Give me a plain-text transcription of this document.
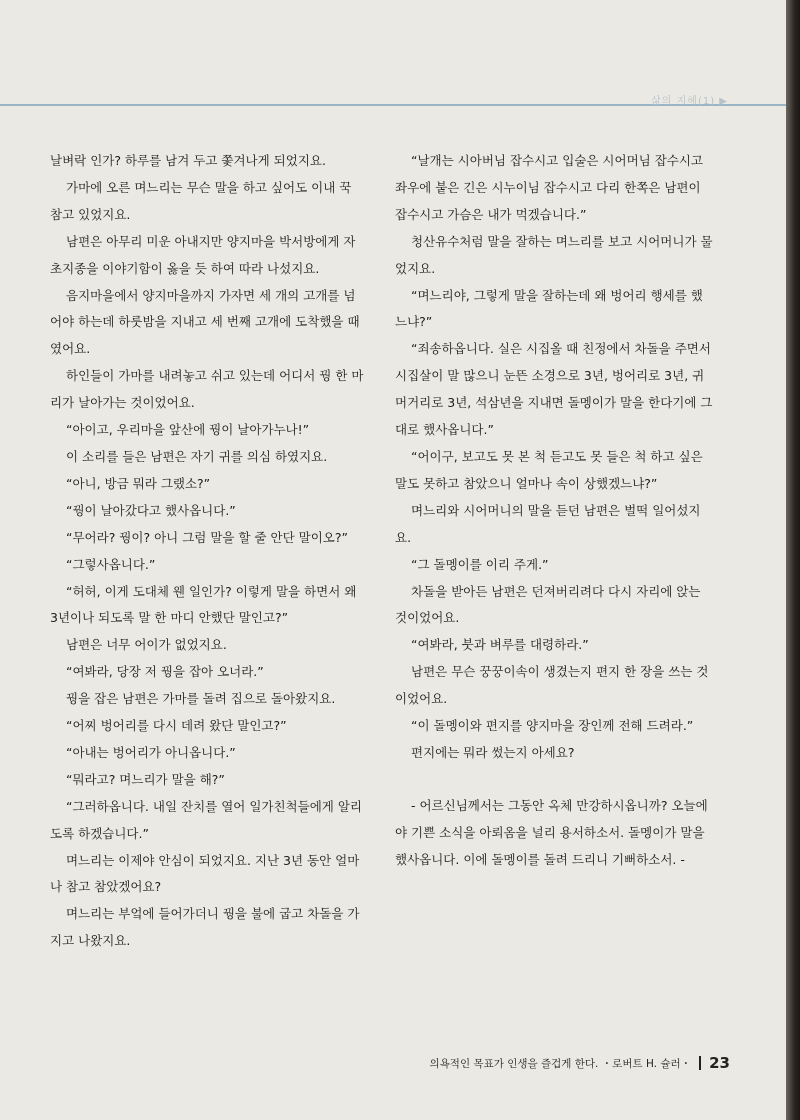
삶의 지혜(1) ▶

날벼락 인가? 하루를 남겨 두고 쫓겨나게 되었지요.

가마에 오른 며느리는 무슨 말을 하고 싶어도 이내 꾹 참고 있었지요.

남편은 아무리 미운 아내지만 양지마을 박서방에게 자초지종을 이야기함이 옳을 듯 하여 따라 나섰지요.

음지마을에서 양지마을까지 가자면 세 개의 고개를 넘어야 하는데 하룻밤을 지내고 세 번째 고개에 도착했을 때였어요.

하인들이 가마를 내려놓고 쉬고 있는데 어디서 꿩 한 마리가 날아가는 것이었어요.

“아이고, 우리마을 앞산에 꿩이 날아가누나!”

이 소리를 들은 남편은 자기 귀를 의심 하였지요.

“아니, 방금 뭐라 그랬소?”

“꿩이 날아갔다고 했사옵니다.”

“무어라? 꿩이? 아니 그럼 말을 할 줄 안단 말이오?”

“그렇사옵니다.”

“허허, 이게 도대체 웬 일인가? 이렇게 말을 하면서 왜 3년이나 되도록 말 한 마디 안했단 말인고?”

남편은 너무 어이가 없었지요.

“여봐라, 당장 저 꿩을 잡아 오너라.”

꿩을 잡은 남편은 가마를 돌려 집으로 돌아왔지요.

“어찌 벙어리를 다시 데려 왔단 말인고?”

“아내는 벙어리가 아니옵니다.”

“뭐라고? 며느리가 말을 해?”

“그러하옵니다. 내일 잔치를 열어 일가친척들에게 알리도록 하겠습니다.”

며느리는 이제야 안심이 되었지요. 지난 3년 동안 얼마나 참고 참았겠어요?

며느리는 부엌에 들어가더니 꿩을 불에 굽고 차돌을 가지고 나왔지요.

“날개는 시아버님 잡수시고 입술은 시어머님 잡수시고 좌우에 붙은 긴은 시누이님 잡수시고 다리 한쪽은 남편이 잡수시고 가슴은 내가 먹겠습니다.”

청산유수처럼 말을 잘하는 며느리를 보고 시어머니가 물었지요.

“며느리야, 그렇게 말을 잘하는데 왜 벙어리 행세를 했느냐?”

“죄송하옵니다. 실은 시집올 때 친정에서 차돌을 주면서 시집살이 말 많으니 눈뜬 소경으로 3년, 벙어리로 3년, 귀머거리로 3년, 석삼년을 지내면 돌멩이가 말을 한다기에 그대로 했사옵니다.”

“어이구, 보고도 못 본 척 듣고도 못 들은 척 하고 싶은 말도 못하고 참았으니 얼마나 속이 상했겠느냐?”

며느리와 시어머니의 말을 듣던 남편은 벌떡 일어섰지요.

“그 돌멩이를 이리 주게.”

차돌을 받아든 남편은 던져버리려다 다시 자리에 앉는 것이었어요.

“여봐라, 붓과 벼루를 대령하라.”

남편은 무슨 꿍꿍이속이 생겼는지 편지 한 장을 쓰는 것이었어요.

“이 돌멩이와 편지를 양지마을 장인께 전해 드려라.”

편지에는 뭐라 썼는지 아세요?

- 어르신님께서는 그동안 옥체 만강하시옵니까? 오늘에야 기쁜 소식을 아뢰옴을 널리 용서하소서. 돌멩이가 말을 했사옵니다. 이에 돌멩이를 돌려 드리니 기뻐하소서. -

의욕적인 목표가 인생을 즐겁게 한다. ・로버트 H. 슐러・ 23
